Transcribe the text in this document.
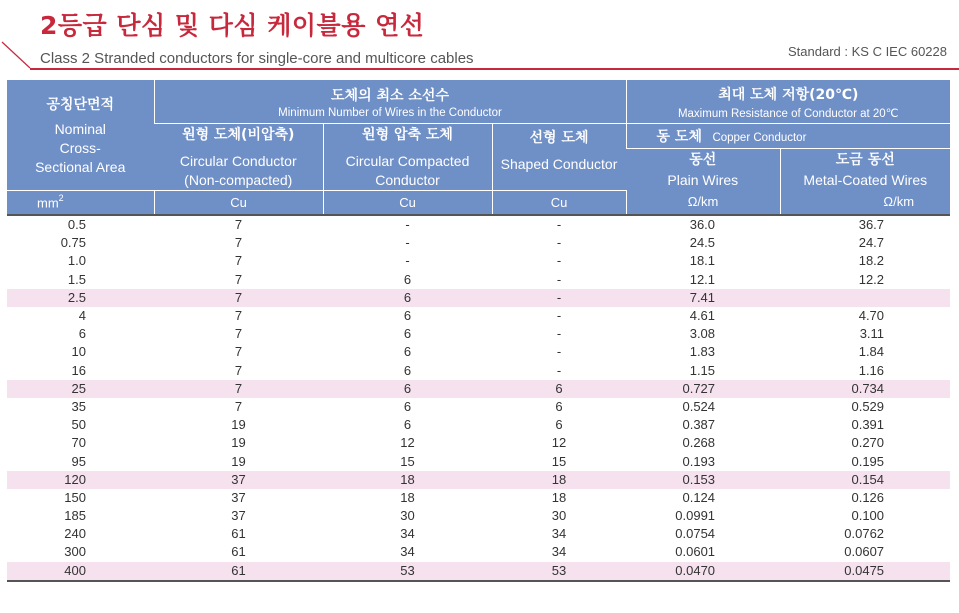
2등급 단심 및 다심 케이블용 연선
Class 2 Stranded conductors for single-core and multicore cables	Standard : KS C IEC 60228
공칭단면적
Nominal
Cross-
Sectional Area	도체의 최소 소선수
Minimum Number of Wires in the Conductor			최대 도체 저항(20℃)
Maximum Resistance of Conductor at 20℃	

	원형 도체(비압축)
Circular Conductor
(Non-compacted)	원형 압축 도체
Circular Compacted
Conductor	선형 도체
Shaped Conductor	동 도체 Copper Conductor	

				동선
Plain Wires	도금 동선
Metal-Coated Wires

$mm^2$	Cu	Cu	Cu	Ω/km	Ω/km
0.5	7	-	-	36.0	36.7
0.75	7	-	-	24.5	24.7
1.0	7	-	-	18.1	18.2
1.5	7	6	-	12.1	12.2
2.5	7	6	-	7.41	
4	7	6	-	4.61	4.70
6	7	6	-	3.08	3.11
10	7	6	-	1.83	1.84
16	7	6	-	1.15	1.16
25	7	6	6	0.727	0.734
35	7	6	6	0.524	0.529
50	19	6	6	0.387	0.391
70	19	12	12	0.268	0.270
95	19	15	15	0.193	0.195
120	37	18	18	0.153	0.154
150	37	18	18	0.124	0.126
185	37	30	30	0.0991	0.100
240	61	34	34	0.0754	0.0762
300	61	34	34	0.0601	0.0607
400	61	53	53	0.0470	0.0475
